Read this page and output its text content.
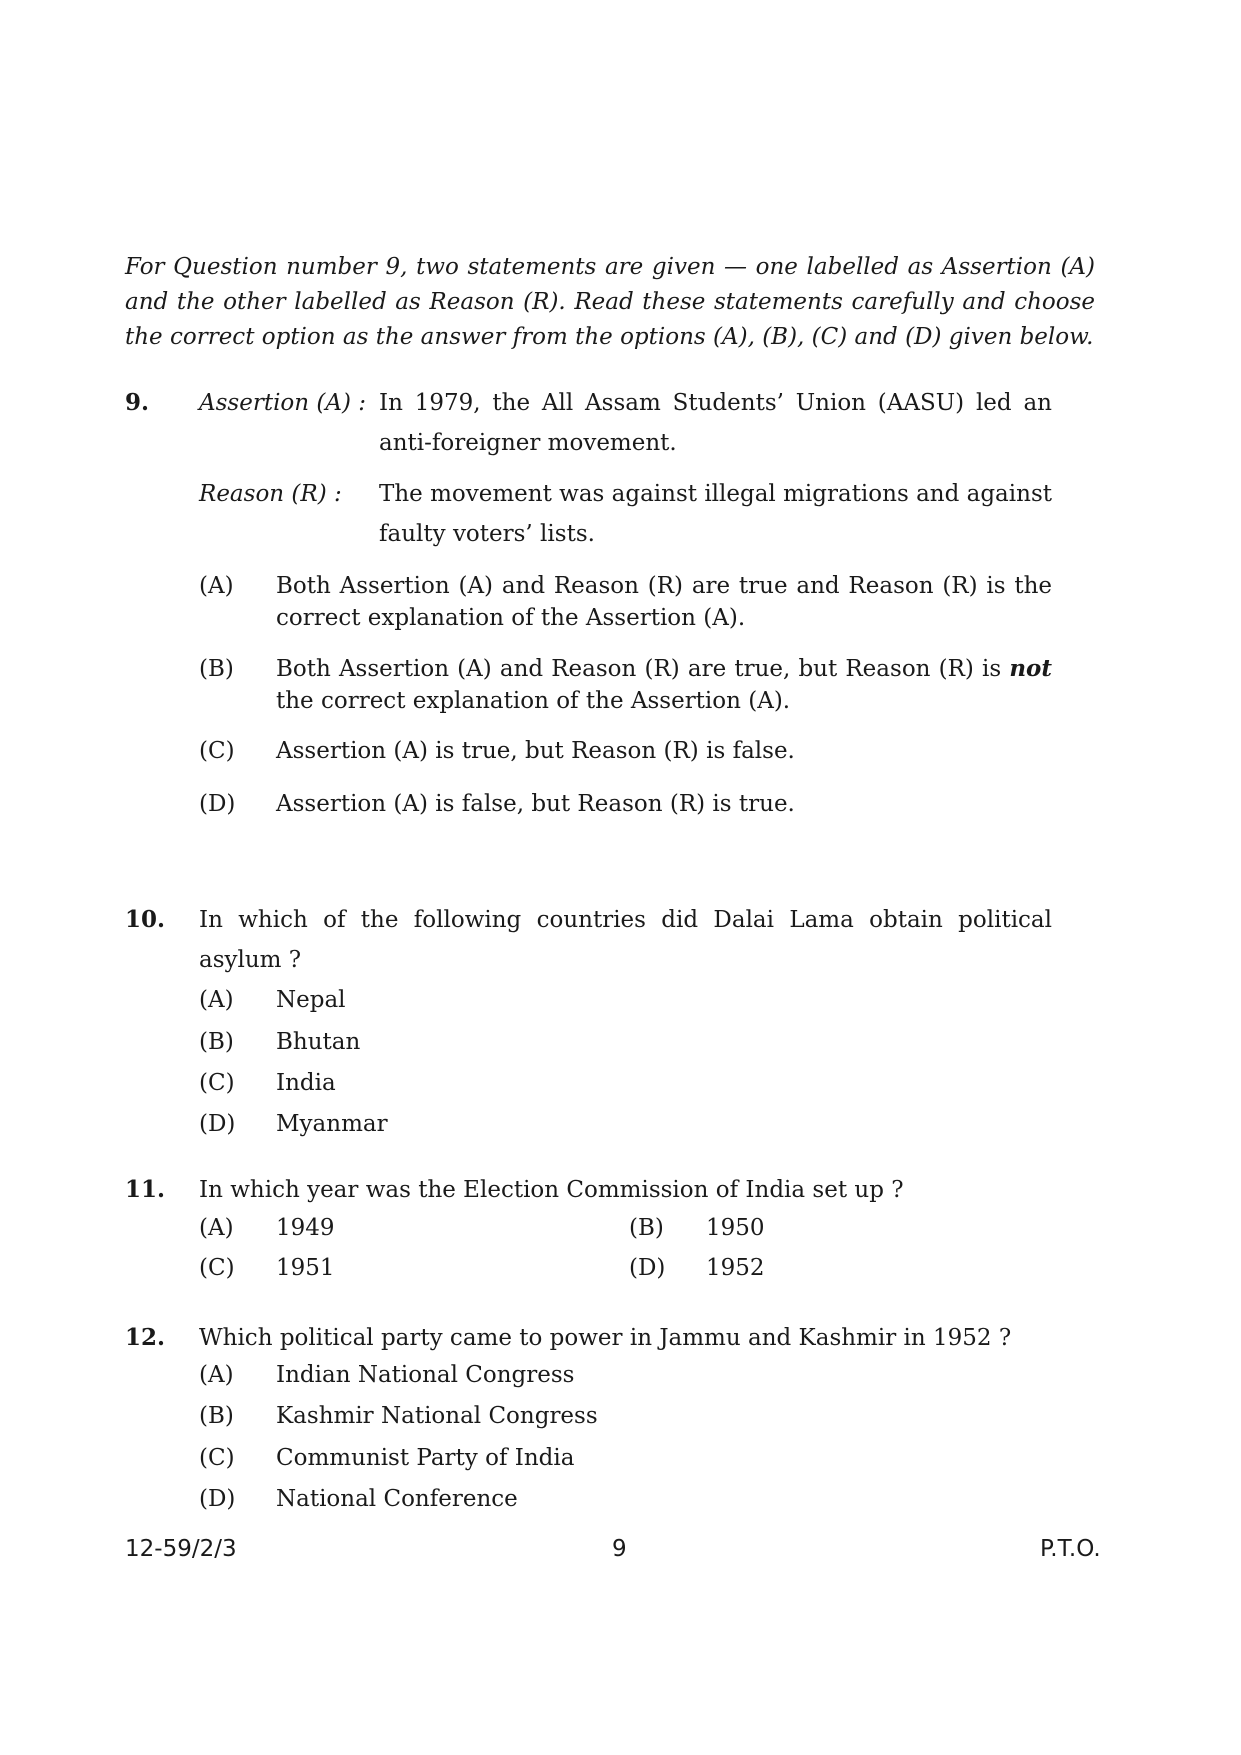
For Question number 9, two statements are given — one labelled as Assertion (A) and the other labelled as Reason (R). Read these statements carefully and choose the correct option as the answer from the options (A), (B), (C) and (D) given below.
9. Assertion (A) : In 1979, the All Assam Students’ Union (AASU) led an anti-foreigner movement.
Reason (R) : The movement was against illegal migrations and against faulty voters’ lists.
(A) Both Assertion (A) and Reason (R) are true and Reason (R) is the correct explanation of the Assertion (A).
(B) Both Assertion (A) and Reason (R) are true, but Reason (R) is not the correct explanation of the Assertion (A).
(C) Assertion (A) is true, but Reason (R) is false.
(D) Assertion (A) is false, but Reason (R) is true.
10. In which of the following countries did Dalai Lama obtain political asylum ?
(A) Nepal
(B) Bhutan
(C) India
(D) Myanmar
11. In which year was the Election Commission of India set up ?
(A) 1949	(B) 1950
(C) 1951	(D) 1952
12. Which political party came to power in Jammu and Kashmir in 1952 ?
(A) Indian National Congress
(B) Kashmir National Congress
(C) Communist Party of India
(D) National Conference
12-59/2/3	9	P.T.O.
